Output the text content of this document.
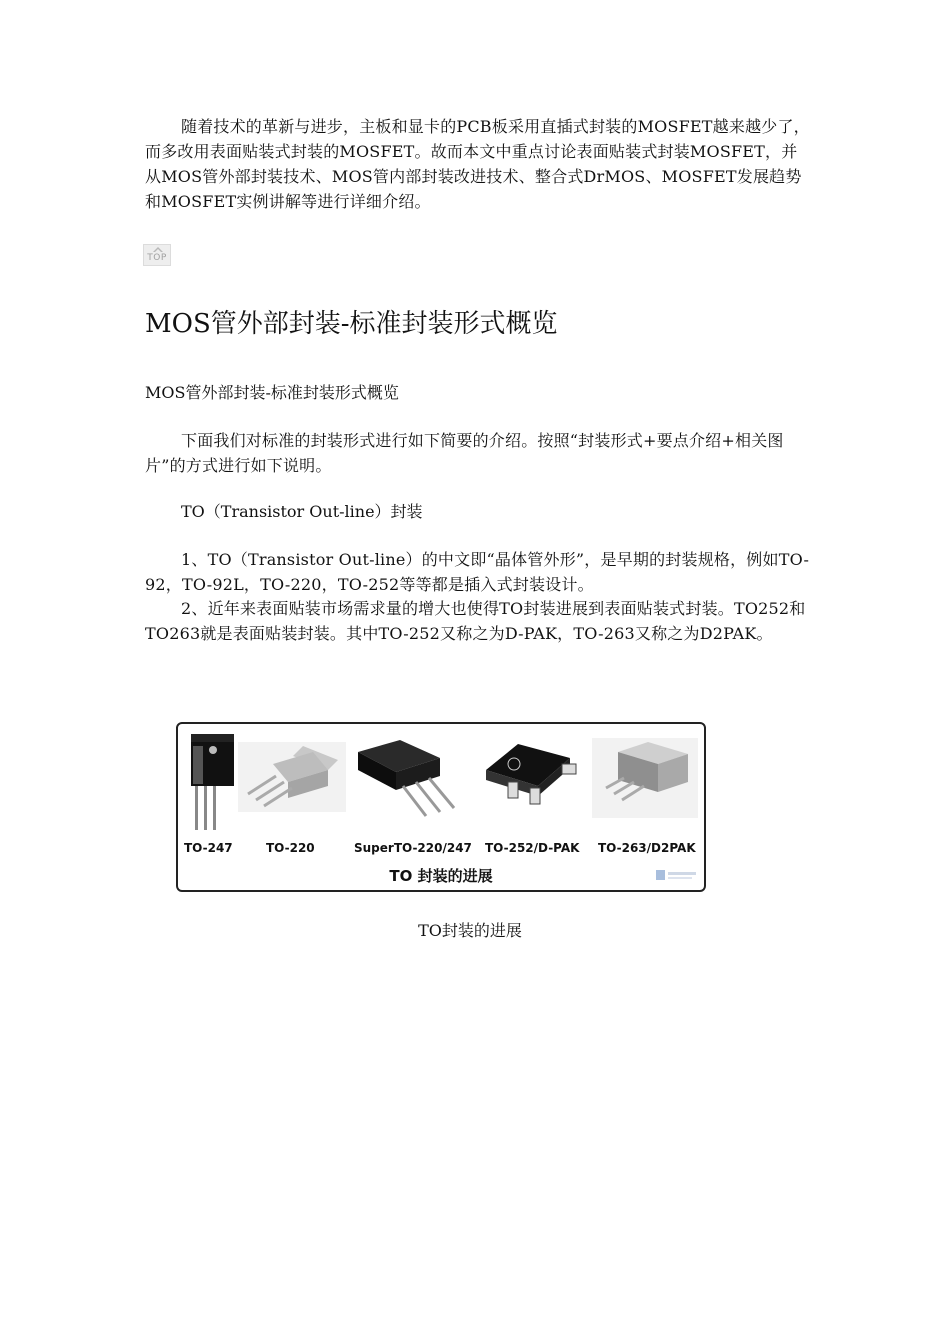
随着技术的革新与进步，主板和显卡的PCB板采用直插式封装的MOSFET越来越少了，而多改用表面贴装式封装的MOSFET。故而本文中重点讨论表面贴装式封装MOSFET，并从MOS管外部封装技术、MOS管内部封装改进技术、整合式DrMOS、MOSFET发展趋势和MOSFET实例讲解等进行详细介绍。

TOP
MOS管外部封装-标准封装形式概览

MOS管外部封装-标准封装形式概览

下面我们对标准的封装形式进行如下简要的介绍。按照“封装形式+要点介绍+相关图片”的方式进行如下说明。

TO（Transistor Out-line）封装

1、TO（Transistor Out-line）的中文即“晶体管外形”，是早期的封装规格，例如TO-92，TO-92L，TO-220，TO-252等等都是插入式封装设计。

2、近年来表面贴装市场需求量的增大也使得TO封装进展到表面贴装式封装。TO252和TO263就是表面贴装封装。其中TO-252又称之为D-PAK，TO-263又称之为D2PAK。

TO-247	TO-220	SuperTO-220/247 TO-252/D-PAK TO-263/D2PAK
TO 封装的进展
TO封装的进展
